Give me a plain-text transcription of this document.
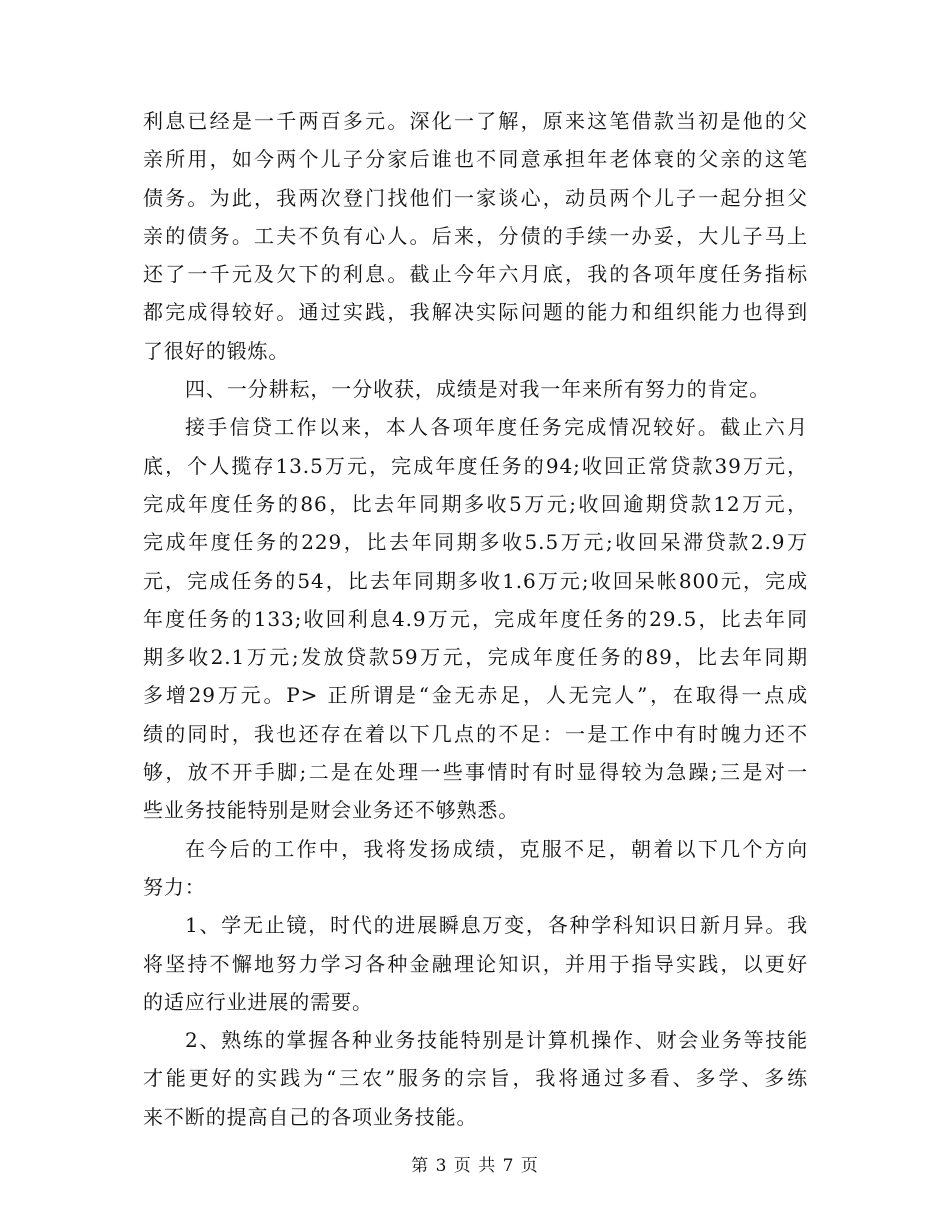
利息已经是一千两百多元。深化一了解，原来这笔借款当初是他的父
亲所用，如今两个儿子分家后谁也不同意承担年老体衰的父亲的这笔
债务。为此，我两次登门找他们一家谈心，动员两个儿子一起分担父
亲的债务。工夫不负有心人。后来，分债的手续一办妥，大儿子马上
还了一千元及欠下的利息。截止今年六月底，我的各项年度任务指标
都完成得较好。通过实践，我解决实际问题的能力和组织能力也得到
了很好的锻炼。
四、一分耕耘，一分收获，成绩是对我一年来所有努力的肯定。
接手信贷工作以来，本人各项年度任务完成情况较好。截止六月
底，个人揽存13.5万元，完成年度任务的94;收回正常贷款39万元，
完成年度任务的86，比去年同期多收5万元;收回逾期贷款12万元，
完成年度任务的229，比去年同期多收5.5万元;收回呆滞贷款2.9万
元，完成任务的54，比去年同期多收1.6万元;收回呆帐800元，完成
年度任务的133;收回利息4.9万元，完成年度任务的29.5，比去年同
期多收2.1万元;发放贷款59万元，完成年度任务的89，比去年同期
多增29万元。P> 正所谓是“金无赤足，人无完人”，在取得一点成
绩的同时，我也还存在着以下几点的不足：一是工作中有时魄力还不
够，放不开手脚;二是在处理一些事情时有时显得较为急躁;三是对一
些业务技能特别是财会业务还不够熟悉。
在今后的工作中，我将发扬成绩，克服不足，朝着以下几个方向
努力：
1、学无止镜，时代的进展瞬息万变，各种学科知识日新月异。我
将坚持不懈地努力学习各种金融理论知识，并用于指导实践，以更好
的适应行业进展的需要。
2、熟练的掌握各种业务技能特别是计算机操作、财会业务等技能
才能更好的实践为“三农”服务的宗旨，我将通过多看、多学、多练
来不断的提高自己的各项业务技能。
第 3 页 共 7 页
